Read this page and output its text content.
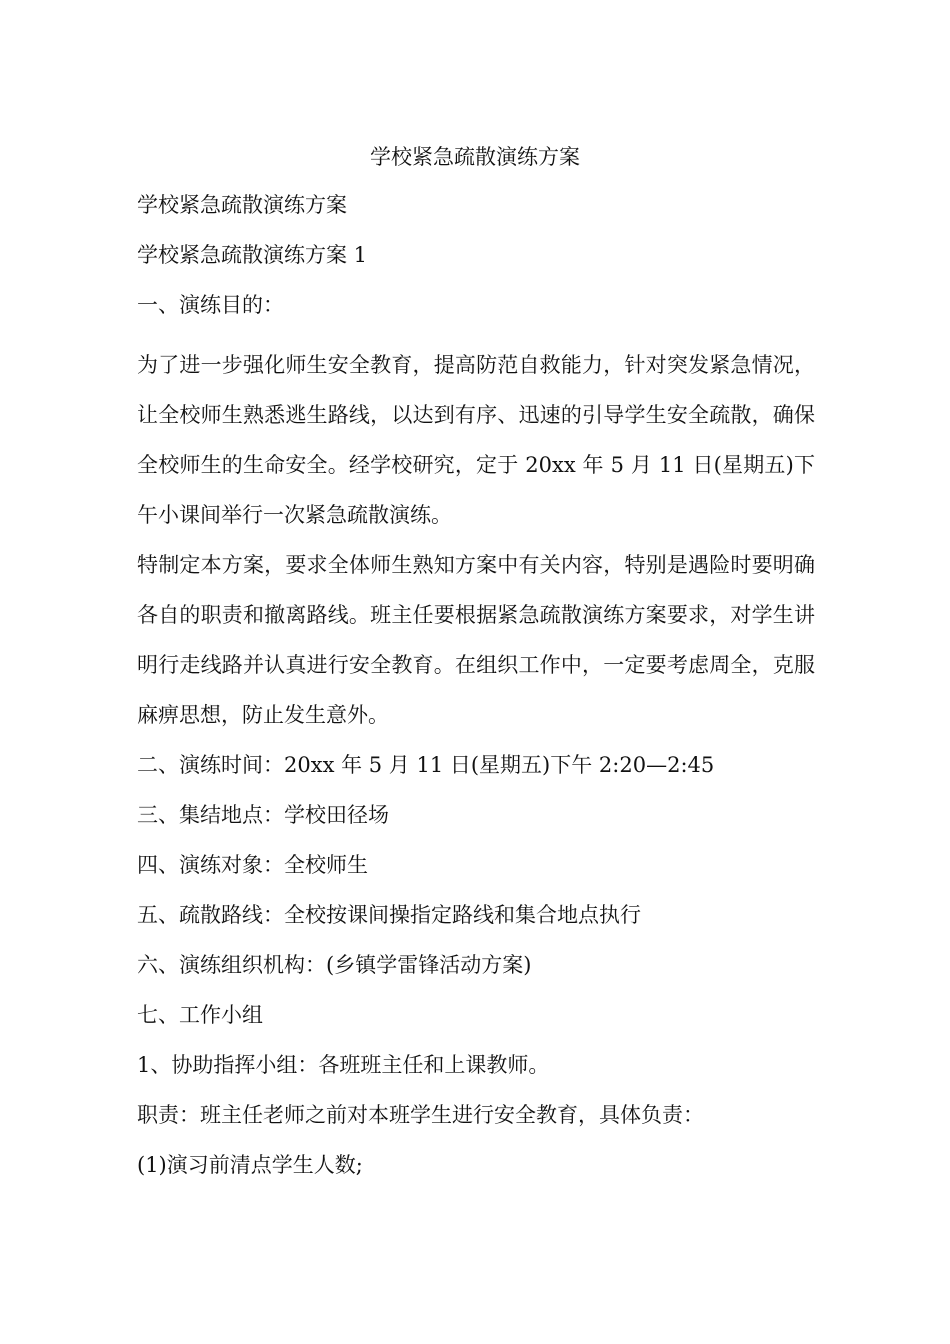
学校紧急疏散演练方案

学校紧急疏散演练方案

学校紧急疏散演练方案 1

一、演练目的：

为了进一步强化师生安全教育，提高防范自救能力，针对突发紧急情况，让全校师生熟悉逃生路线，以达到有序、迅速的引导学生安全疏散，确保全校师生的生命安全。经学校研究，定于 20xx 年 5 月 11 日(星期五)下午小课间举行一次紧急疏散演练。

特制定本方案，要求全体师生熟知方案中有关内容，特别是遇险时要明确各自的职责和撤离路线。班主任要根据紧急疏散演练方案要求，对学生讲明行走线路并认真进行安全教育。在组织工作中，一定要考虑周全，克服麻痹思想，防止发生意外。

二、演练时间：20xx 年 5 月 11 日(星期五)下午 2:20—2:45

三、集结地点：学校田径场

四、演练对象：全校师生

五、疏散路线：全校按课间操指定路线和集合地点执行

六、演练组织机构：(乡镇学雷锋活动方案)

七、工作小组

1、协助指挥小组：各班班主任和上课教师。

职责：班主任老师之前对本班学生进行安全教育，具体负责：

(1)演习前清点学生人数;
